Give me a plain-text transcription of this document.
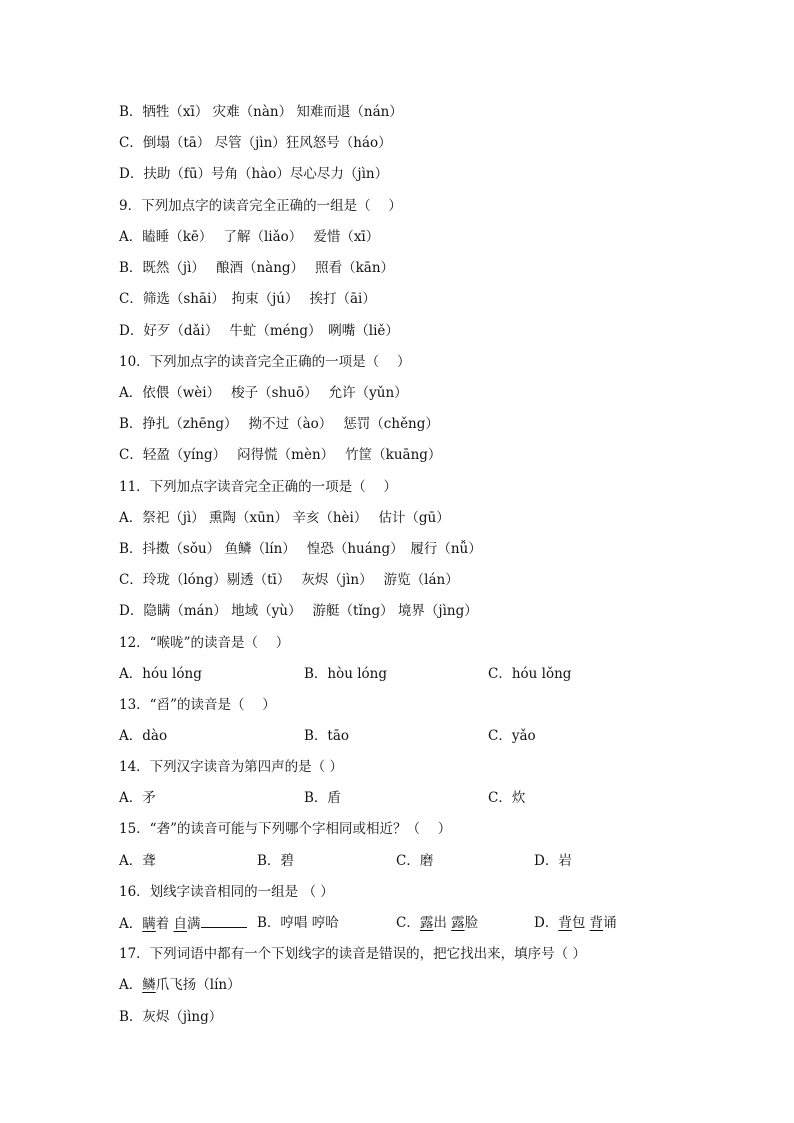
B．牺牲（xī） 灾难（nàn） 知难而退（nán）
C．倒塌（tā） 尽管（jìn）狂风怒号（háo）
D．扶助（fū）号角（hào）尽心尽力（jìn）
9．下列加点字的读音完全正确的一组是（　 ）
A．瞌睡（kē）　 了解（liǎo）　 爱惜（xī）
B．既然（jì）　 酿酒（nàng）　 照看（kān）
C．筛选（shāi）　拘束（jú）　 挨打（āi）
D．好歹（dǎi）　 牛虻（méng）　咧嘴（liě）
10．下列加点字的读音完全正确的一项是（　 ）
A．依偎（wèi）　 梭子（shuō）　 允许（yǔn）
B．挣扎（zhēng）　 拗不过（ào）　 惩罚（chěng）
C．轻盈（yíng）　 闷得慌（mèn）　 竹筐（kuāng）
11．下列加点字读音完全正确的一项是（　 ）
A．祭祀（jì） 熏陶（xūn） 辛亥（hèi）　 估计（gū）
B．抖擞（sǒu） 鱼鳞（lín）　 惶恐（huáng）　履行（nǚ）
C．玲珑（lóng）剔透（tī）　 灰烬（jìn）　 游览（lán）
D．隐瞒（mán） 地域（yù）　 游艇（tǐng） 境界（jìng）
12．“喉咙”的读音是（　 ）
A．hóu lóng	B．hòu lóng	C．hóu lǒng
13．“舀”的读音是（　 ）
A．dào	B．tāo	C．yǎo
14．下列汉字读音为第四声的是（ ）
A．矛	B．盾	C．炊
15．“砻”的读音可能与下列哪个字相同或相近？（　 ）
A．聋	B．碧	C．磨	D．岩
16．划线字读音相同的一组是 （ ）
A．瞒着 自满	B．哼唱 哼哈	C．露出 露脸	D．背包 背诵
17．下列词语中都有一个下划线字的读音是错误的，把它找出来，填序号（ ）
A．鳞爪飞扬（lín）
B．灰烬（jìng）
